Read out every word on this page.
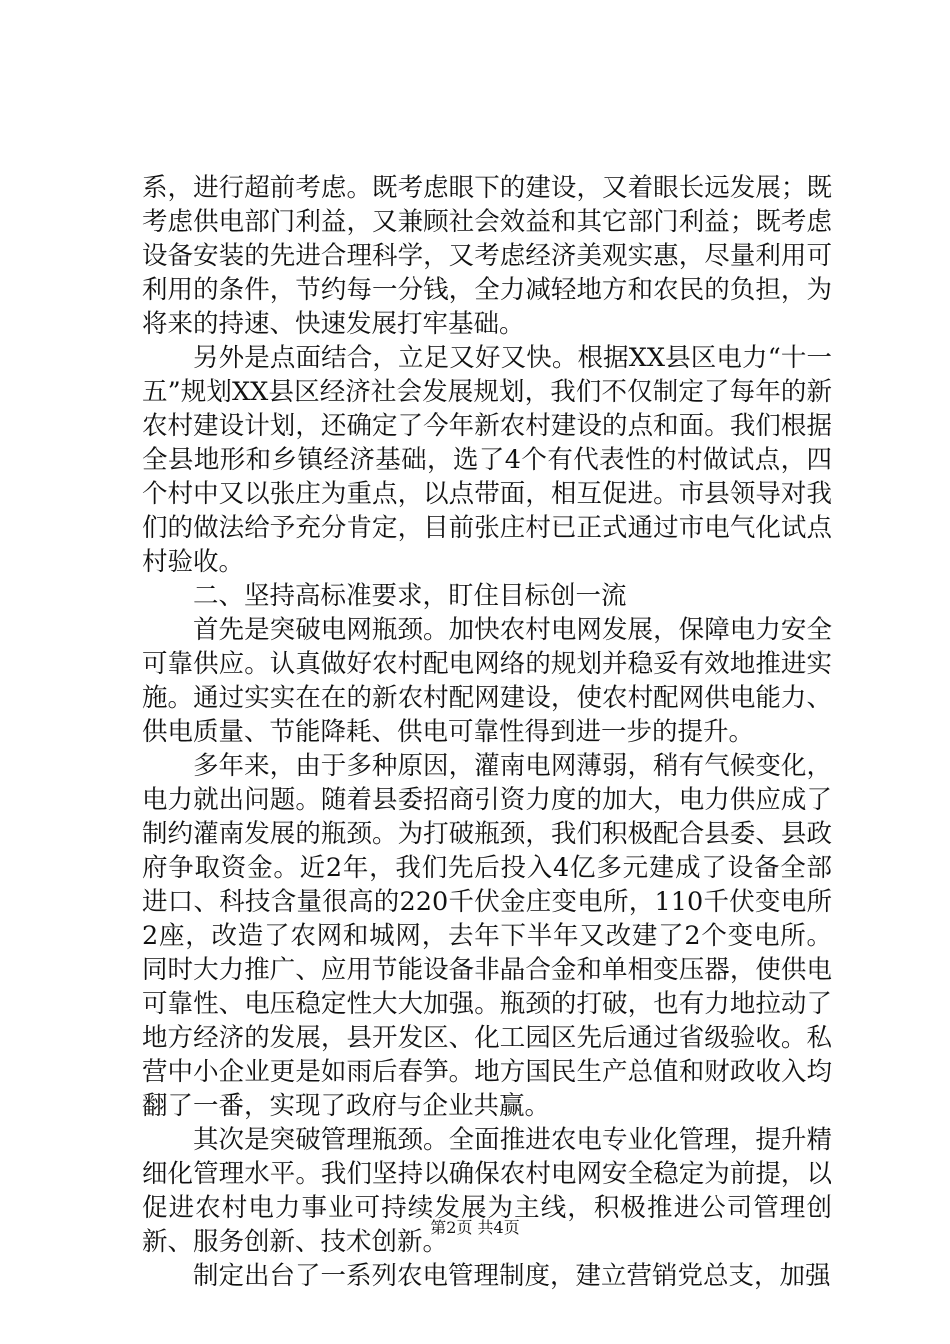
系，进行超前考虑。既考虑眼下的建设，又着眼长远发展；既考虑供电部门利益，又兼顾社会效益和其它部门利益；既考虑设备安装的先进合理科学，又考虑经济美观实惠，尽量利用可利用的条件，节约每一分钱，全力减轻地方和农民的负担，为将来的持速、快速发展打牢基础。

另外是点面结合，立足又好又快。根据XX县区电力“十一五”规划XX县区经济社会发展规划，我们不仅制定了每年的新农村建设计划，还确定了今年新农村建设的点和面。我们根据全县地形和乡镇经济基础，选了4个有代表性的村做试点，四个村中又以张庄为重点，以点带面，相互促进。市县领导对我们的做法给予充分肯定，目前张庄村已正式通过市电气化试点村验收。

二、坚持高标准要求，盯住目标创一流

首先是突破电网瓶颈。加快农村电网发展，保障电力安全可靠供应。认真做好农村配电网络的规划并稳妥有效地推进实施。通过实实在在的新农村配网建设，使农村配网供电能力、供电质量、节能降耗、供电可靠性得到进一步的提升。

多年来，由于多种原因，灌南电网薄弱，稍有气候变化，电力就出问题。随着县委招商引资力度的加大，电力供应成了制约灌南发展的瓶颈。为打破瓶颈，我们积极配合县委、县政府争取资金。近2年，我们先后投入4亿多元建成了设备全部进口、科技含量很高的220千伏金庄变电所，110千伏变电所2座，改造了农网和城网，去年下半年又改建了2个变电所。同时大力推广、应用节能设备非晶合金和单相变压器，使供电可靠性、电压稳定性大大加强。瓶颈的打破，也有力地拉动了地方经济的发展，县开发区、化工园区先后通过省级验收。私营中小企业更是如雨后春笋。地方国民生产总值和财政收入均翻了一番，实现了政府与企业共赢。

其次是突破管理瓶颈。全面推进农电专业化管理，提升精细化管理水平。我们坚持以确保农村电网安全稳定为前提，以促进农村电力事业可持续发展为主线，积极推进公司管理创新、服务创新、技术创新。

制定出台了一系列农电管理制度，建立营销党总支，加强

第2页 共4页
